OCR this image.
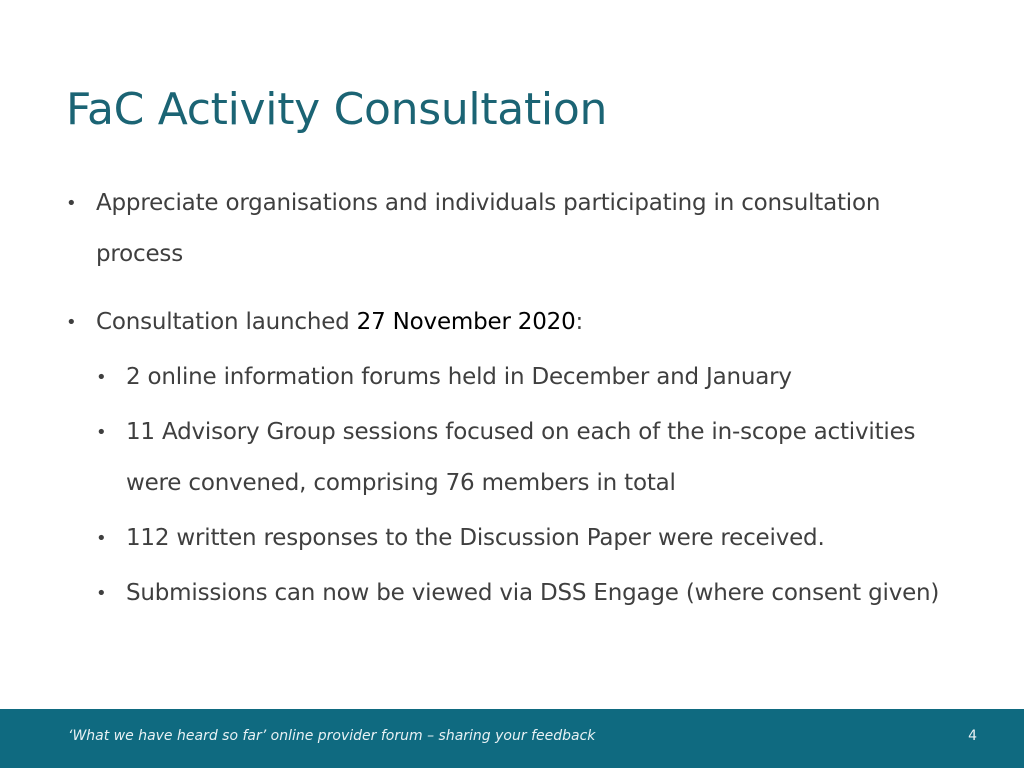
FaC Activity Consultation
• Appreciate organisations and individuals participating in consultation process
• Consultation launched 27 November 2020:
• 2 online information forums held in December and January
• 11 Advisory Group sessions focused on each of the in-scope activities were convened, comprising 76 members in total
• 112 written responses to the Discussion Paper were received.
• Submissions can now be viewed via DSS Engage (where consent given)
‘What we have heard so far’ online provider forum – sharing your feedback	4
